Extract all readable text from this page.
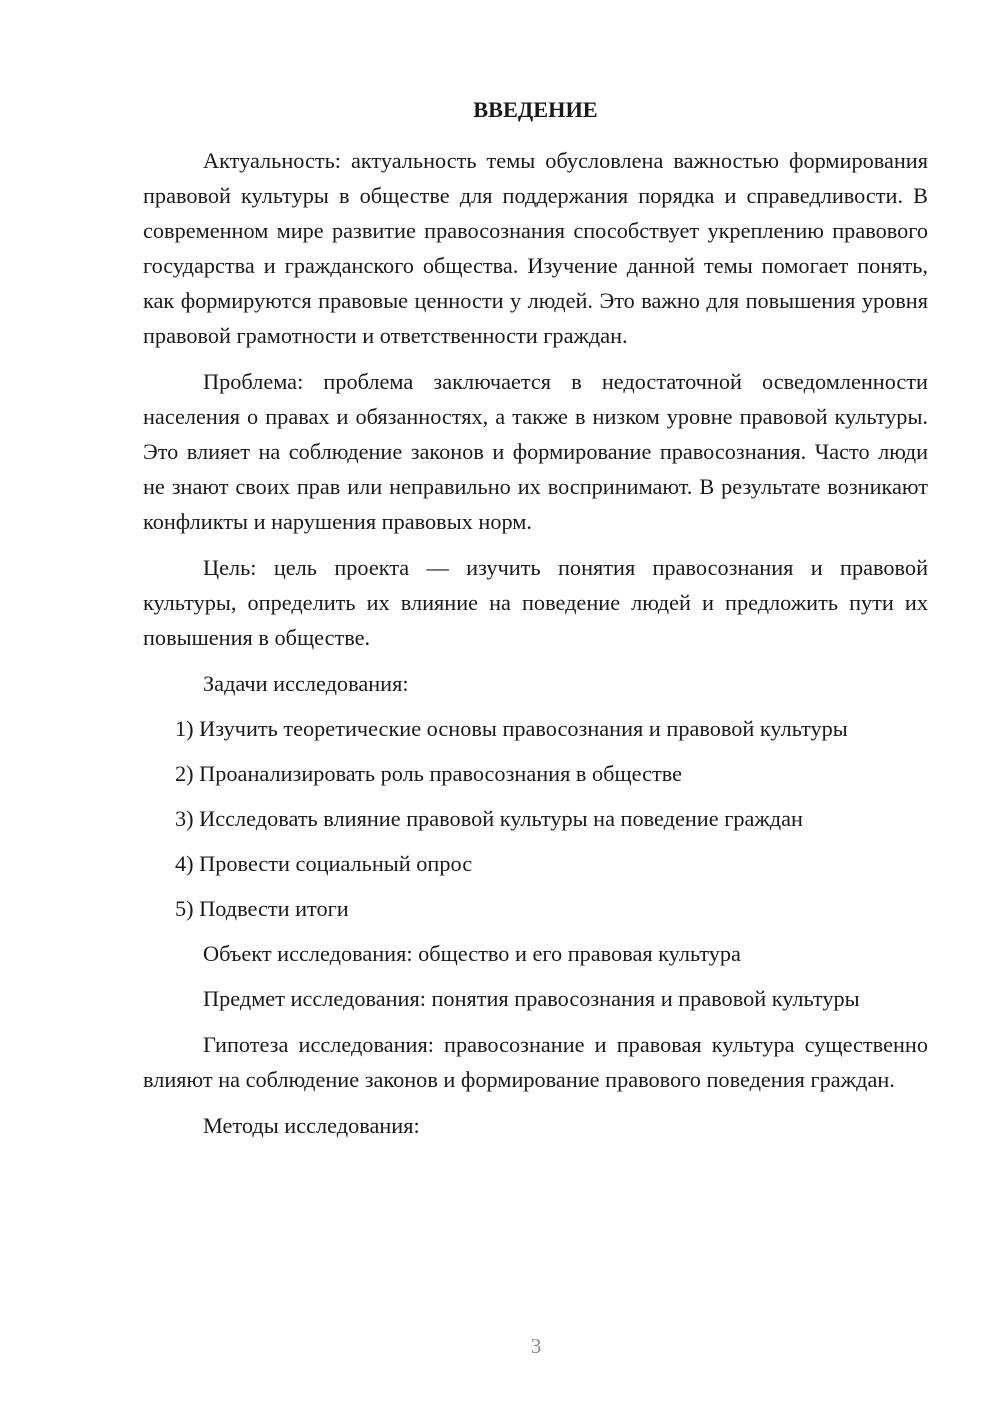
ВВЕДЕНИЕ

Актуальность: актуальность темы обусловлена важностью формирования правовой культуры в обществе для поддержания порядка и справедливости. В современном мире развитие правосознания способствует укреплению правового государства и гражданского общества. Изучение данной темы помогает понять, как формируются правовые ценности у людей. Это важно для повышения уровня правовой грамотности и ответственности граждан.

Проблема: проблема заключается в недостаточной осведомленности населения о правах и обязанностях, а также в низком уровне правовой культуры. Это влияет на соблюдение законов и формирование правосознания. Часто люди не знают своих прав или неправильно их воспринимают. В результате возникают конфликты и нарушения правовых норм.

Цель: цель проекта — изучить понятия правосознания и правовой культуры, определить их влияние на поведение людей и предложить пути их повышения в обществе.

Задачи исследования:
1) Изучить теоретические основы правосознания и правовой культуры
2) Проанализировать роль правосознания в обществе
3) Исследовать влияние правовой культуры на поведение граждан
4) Провести социальный опрос
5) Подвести итоги
Объект исследования: общество и его правовая культура

Предмет исследования: понятия правосознания и правовой культуры

Гипотеза исследования: правосознание и правовая культура существенно влияют на соблюдение законов и формирование правового поведения граждан.

Методы исследования:
3
